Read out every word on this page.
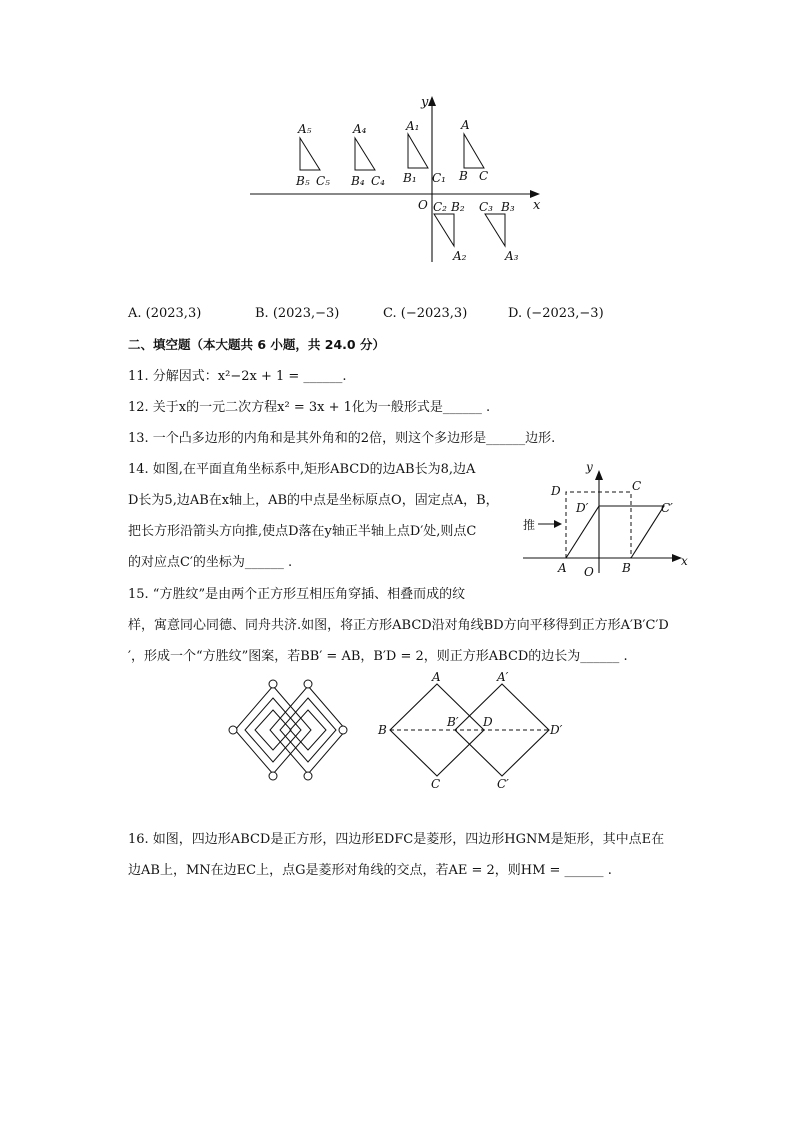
x
y
O
A₅
B₅ C₅
A₄
B₄ C₄
A₁
B₁ C₁
A
B C
C₂ B₂
A₂
C₃ B₃
A₃
A. (2023,3)	B. (2023,−3)	C. (−2023,3)	D. (−2023,−3)
二、填空题（本大题共 6 小题，共 24.0 分）
11. 分解因式：x²−2x + 1 = ______.
12. 关于x的一元二次方程x² = 3x + 1化为一般形式是______ .
13. 一个凸多边形的内角和是其外角和的2倍，则这个多边形是______边形.
14. 如图,在平面直角坐标系中,矩形ABCD的边AB长为8,边A
D长为5,边AB在x轴上，AB的中点是坐标原点O，固定点A，B，
把长方形沿箭头方向推,使点D落在y轴正半轴上点D′处,则点C
的对应点C′的坐标为______ .
推
x
y
D	C
D′	C′
A O B
15. “方胜纹”是由两个正方形互相压角穿插、相叠而成的纹
样，寓意同心同德、同舟共济.如图，将正方形ABCD沿对角线BD方向平移得到正方形A′B′C′D
′，形成一个“方胜纹”图案，若BB′ = AB，B′D = 2，则正方形ABCD的边长为______ .
A	A′
B
B′ D
D′
C	C′
16. 如图，四边形ABCD是正方形，四边形EDFC是菱形，四边形HGNM是矩形，其中点E在
边AB上，MN在边EC上，点G是菱形对角线的交点，若AE = 2，则HM = ______ .
